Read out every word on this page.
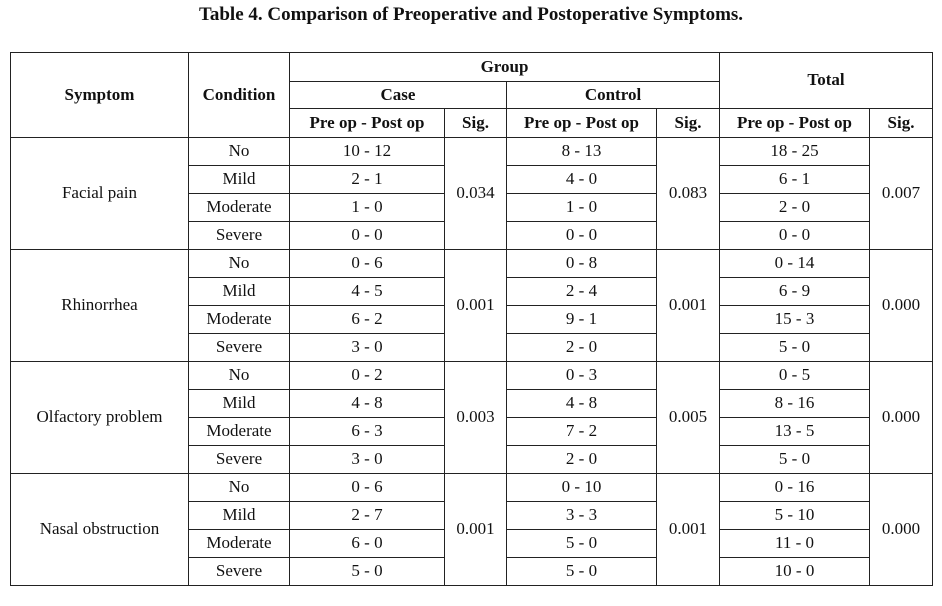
Table 4. Comparison of Preoperative and Postoperative Symptoms.
Symptom	Condition	Group				Total	
		Case		Control			
		Pre op - Post op	Sig.	Pre op - Post op	Sig.	Pre op - Post op	Sig.
Facial pain	No	10 - 12	0.034	8 - 13	0.083	18 - 25	0.007
	Mild	2 - 1		4 - 0		6 - 1	
	Moderate	1 - 0		1 - 0		2 - 0	
	Severe	0 - 0		0 - 0		0 - 0	
Rhinorrhea	No	0 - 6	0.001	0 - 8	0.001	0 - 14	0.000
	Mild	4 - 5		2 - 4		6 - 9	
	Moderate	6 - 2		9 - 1		15 - 3	
	Severe	3 - 0		2 - 0		5 - 0	
Olfactory problem	No	0 - 2	0.003	0 - 3	0.005	0 - 5	0.000
	Mild	4 - 8		4 - 8		8 - 16	
	Moderate	6 - 3		7 - 2		13 - 5	
	Severe	3 - 0		2 - 0		5 - 0	
Nasal obstruction	No	0 - 6	0.001	0 - 10	0.001	0 - 16	0.000
	Mild	2 - 7		3 - 3		5 - 10	
	Moderate	6 - 0		5 - 0		11 - 0	
	Severe	5 - 0		5 - 0		10 - 0	
